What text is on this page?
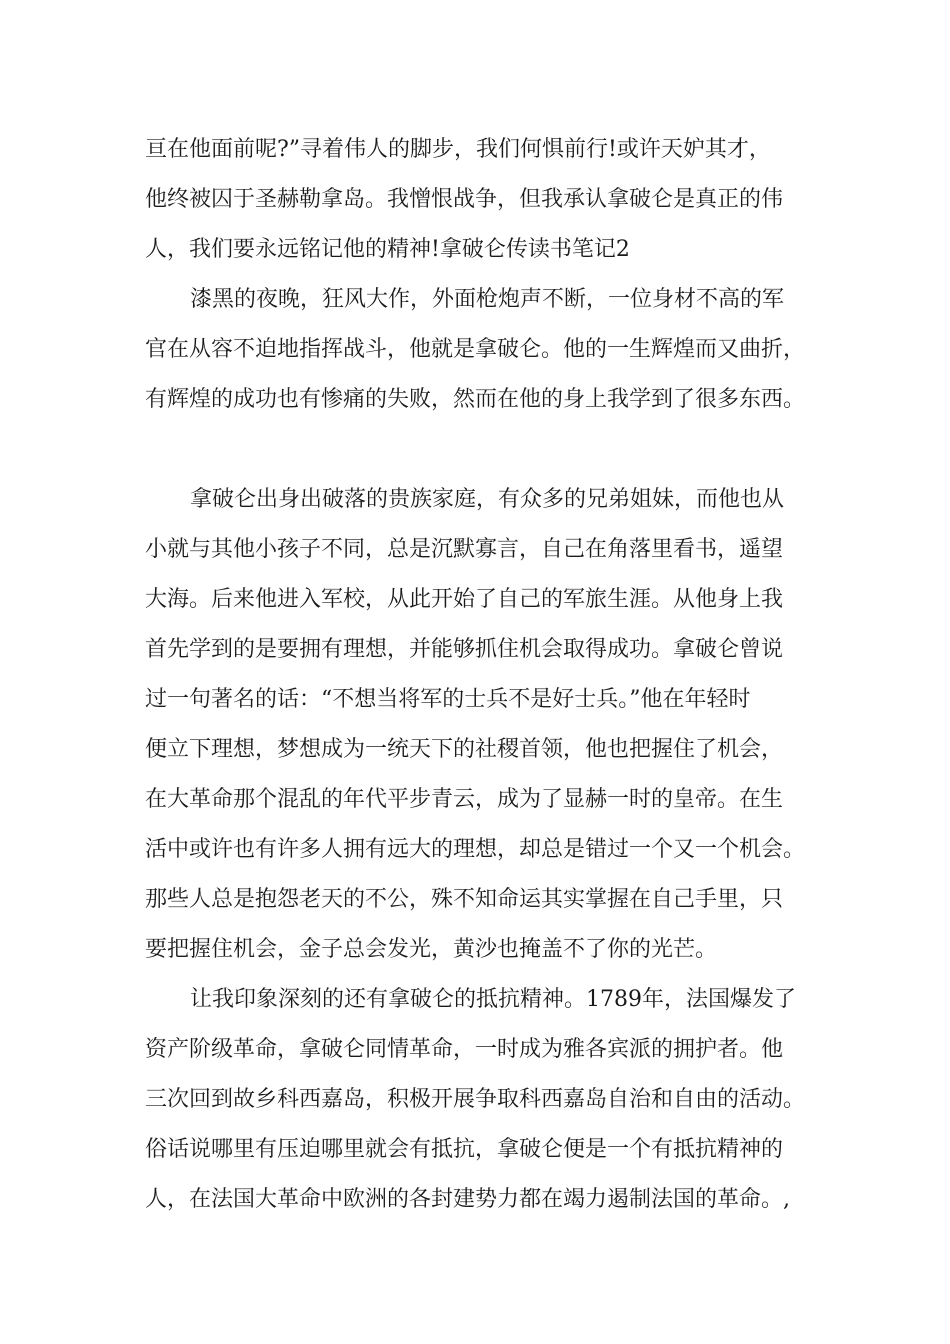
亘在他面前呢?”寻着伟人的脚步，我们何惧前行!或许天妒其才，
他终被囚于圣赫勒拿岛。我憎恨战争，但我承认拿破仑是真正的伟
人，我们要永远铭记他的精神!拿破仑传读书笔记2
漆黑的夜晚，狂风大作，外面枪炮声不断，一位身材不高的军
官在从容不迫地指挥战斗，他就是拿破仑。他的一生辉煌而又曲折，
有辉煌的成功也有惨痛的失败，然而在他的身上我学到了很多东西。
拿破仑出身出破落的贵族家庭，有众多的兄弟姐妹，而他也从
小就与其他小孩子不同，总是沉默寡言，自己在角落里看书，遥望
大海。后来他进入军校，从此开始了自己的军旅生涯。从他身上我
首先学到的是要拥有理想，并能够抓住机会取得成功。拿破仑曾说
过一句著名的话：“不想当将军的士兵不是好士兵。”他在年轻时
便立下理想，梦想成为一统天下的社稷首领，他也把握住了机会，
在大革命那个混乱的年代平步青云，成为了显赫一时的皇帝。在生
活中或许也有许多人拥有远大的理想，却总是错过一个又一个机会。
那些人总是抱怨老天的不公，殊不知命运其实掌握在自己手里，只
要把握住机会，金子总会发光，黄沙也掩盖不了你的光芒。
让我印象深刻的还有拿破仑的抵抗精神。1789年，法国爆发了
资产阶级革命，拿破仑同情革命，一时成为雅各宾派的拥护者。他
三次回到故乡科西嘉岛，积极开展争取科西嘉岛自治和自由的活动。
俗话说哪里有压迫哪里就会有抵抗，拿破仑便是一个有抵抗精神的
人，在法国大革命中欧洲的各封建势力都在竭力遏制法国的革命。,
